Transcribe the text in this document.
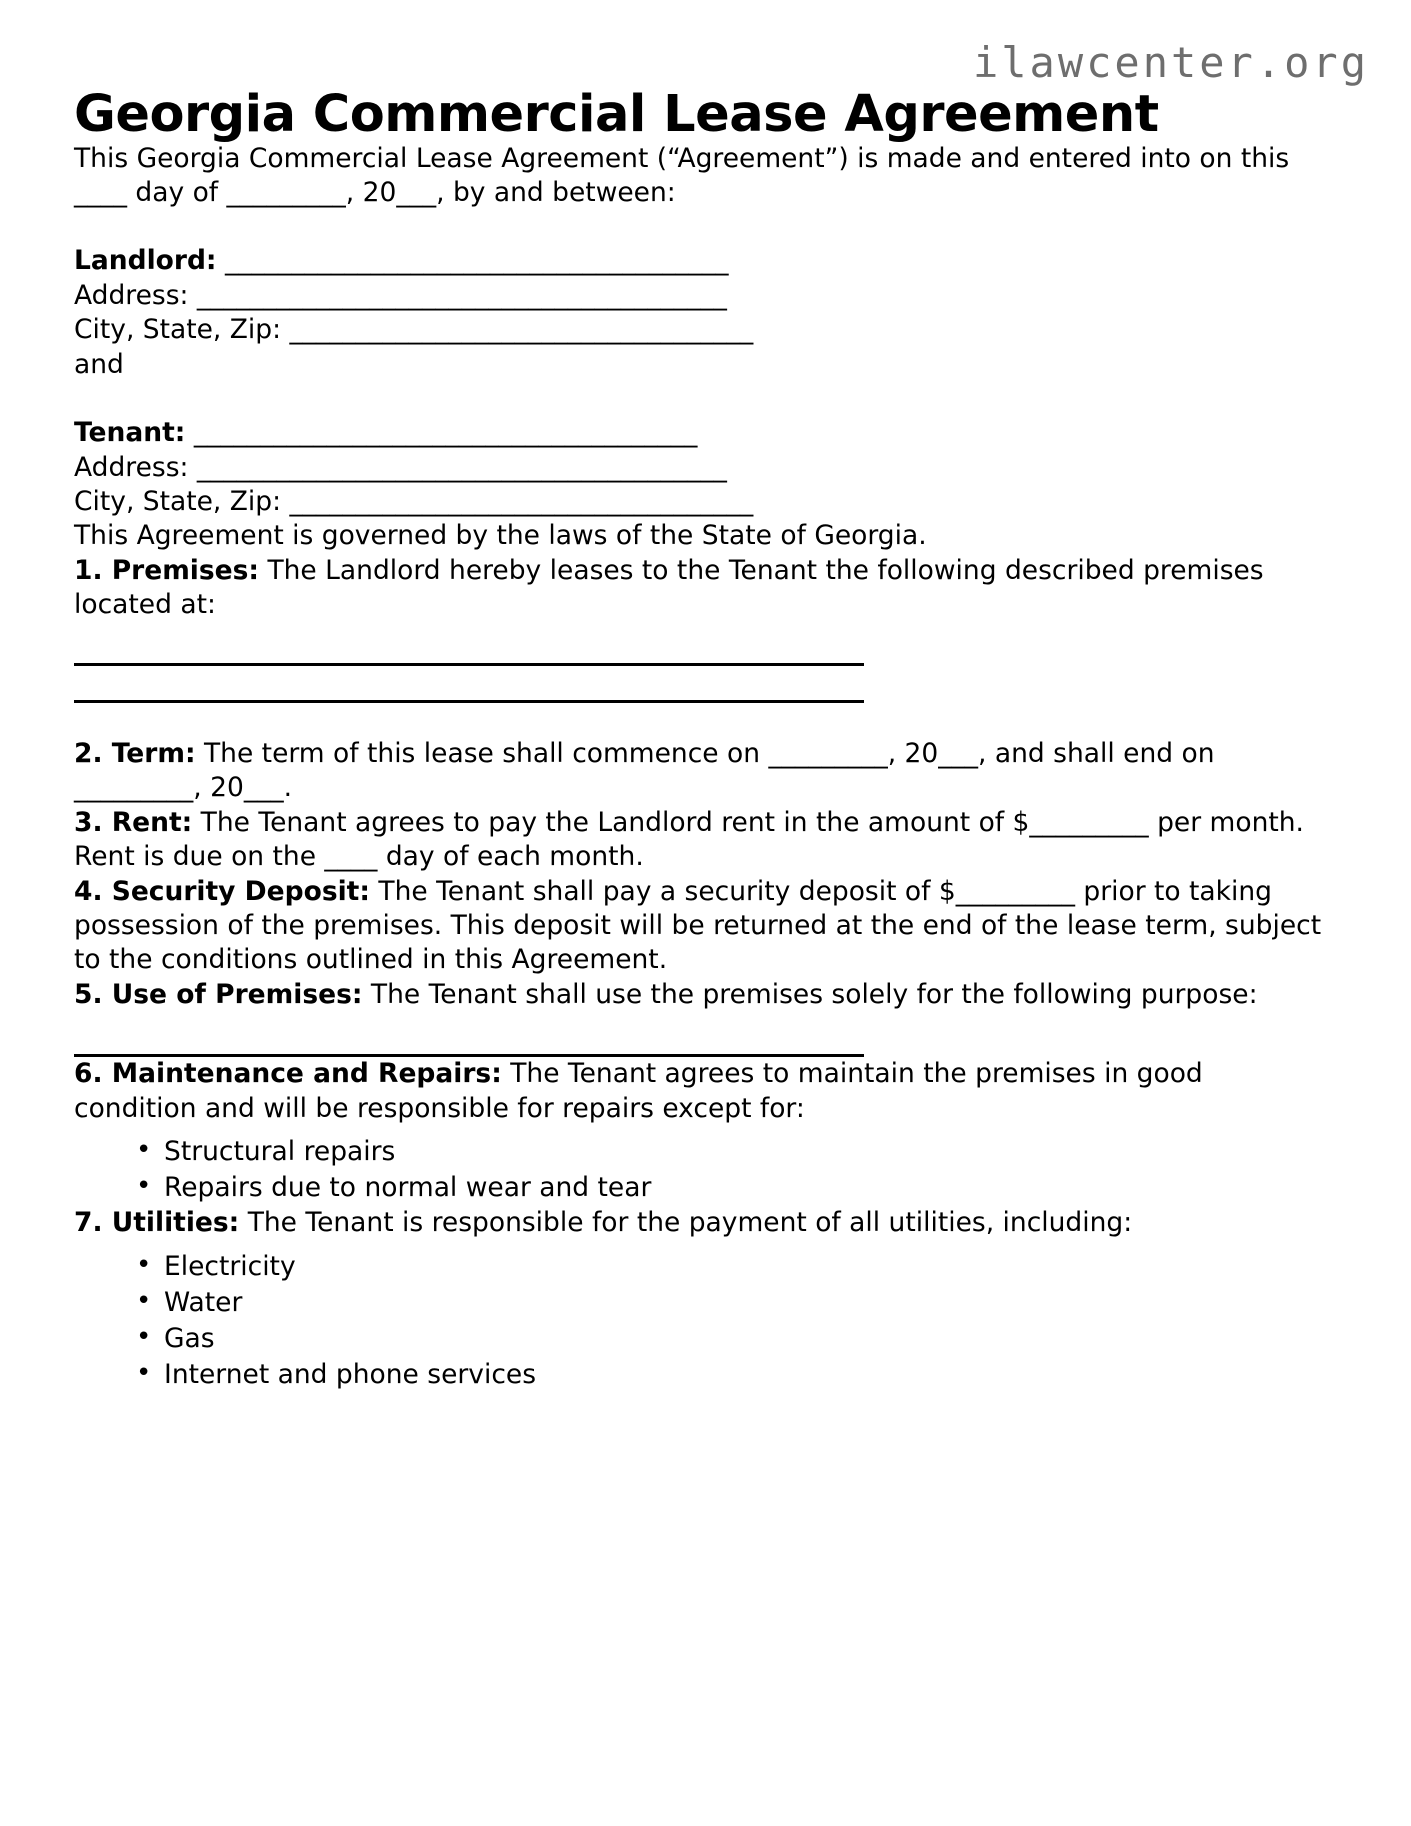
ilawcenter.org
Georgia Commercial Lease Agreement

This Georgia Commercial Lease Agreement (“Agreement”) is made and entered into on this ____ day of _________, 20___, by and between:

Landlord: ______________________________________

Address: ________________________________________

City, State, Zip: ___________________________________

and

Tenant: ______________________________________

Address: ________________________________________

City, State, Zip: ___________________________________

This Agreement is governed by the laws of the State of Georgia.

1. Premises: The Landlord hereby leases to the Tenant the following described premises located at:

2. Term: The term of this lease shall commence on _________, 20___, and shall end on _________, 20___.

3. Rent: The Tenant agrees to pay the Landlord rent in the amount of $_________ per month. Rent is due on the ____ day of each month.

4. Security Deposit: The Tenant shall pay a security deposit of $_________ prior to taking possession of the premises. This deposit will be returned at the end of the lease term, subject to the conditions outlined in this Agreement.

5. Use of Premises: The Tenant shall use the premises solely for the following purpose:

6. Maintenance and Repairs: The Tenant agrees to maintain the premises in good condition and will be responsible for repairs except for:

• Structural repairs
• Repairs due to normal wear and tear

7. Utilities: The Tenant is responsible for the payment of all utilities, including:

• Electricity
• Water
• Gas
• Internet and phone services
